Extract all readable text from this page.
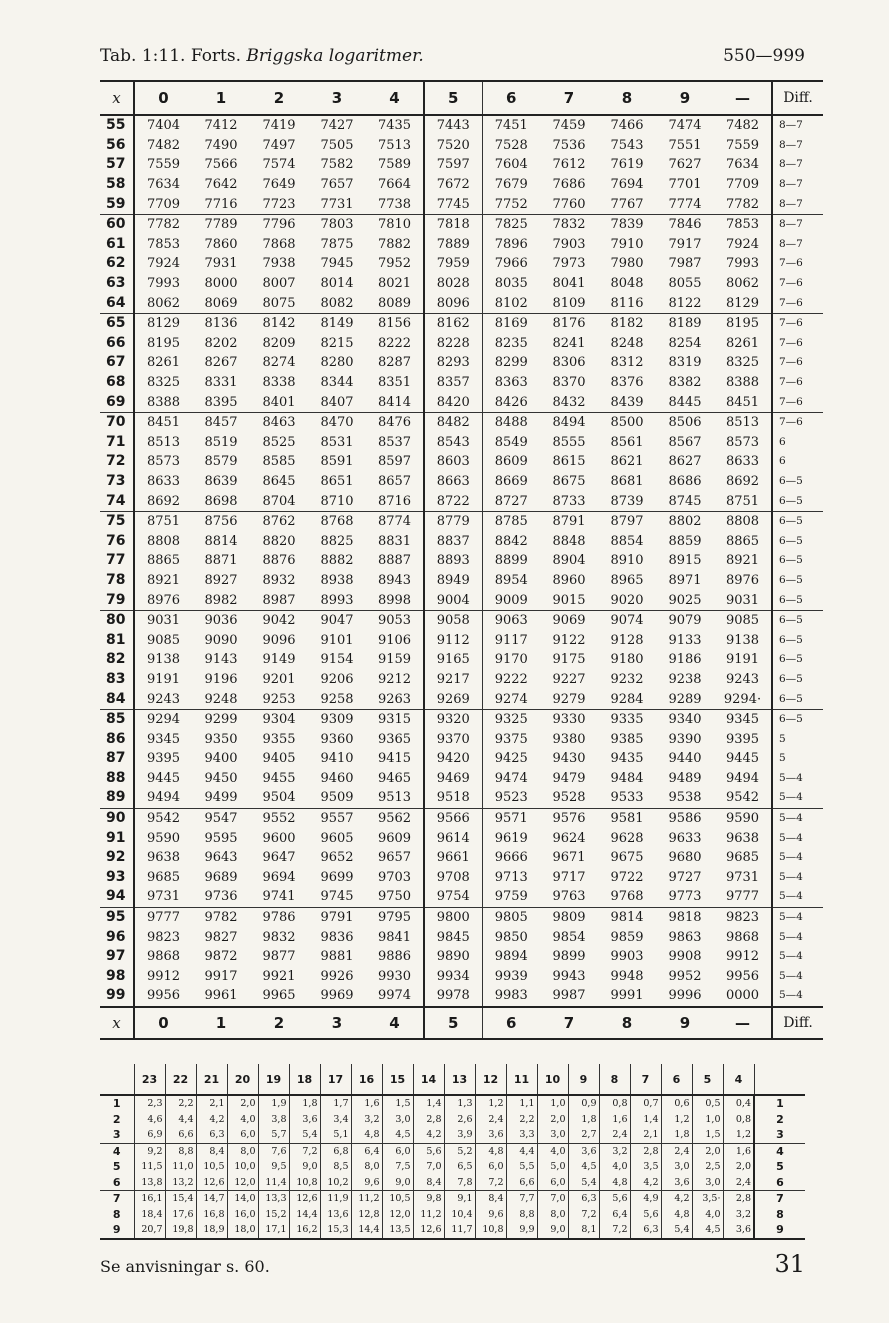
Tab. 1:11. Forts. Briggska logaritmer.	550—999
x	0	1	2	3	4	5	6	7	8	9	—	Diff.
55	7404	7412	7419	7427	7435	7443	7451	7459	7466	7474	7482	8—7
56	7482	7490	7497	7505	7513	7520	7528	7536	7543	7551	7559	8—7
57	7559	7566	7574	7582	7589	7597	7604	7612	7619	7627	7634	8—7
58	7634	7642	7649	7657	7664	7672	7679	7686	7694	7701	7709	8—7
59	7709	7716	7723	7731	7738	7745	7752	7760	7767	7774	7782	8—7
60	7782	7789	7796	7803	7810	7818	7825	7832	7839	7846	7853	8—7
61	7853	7860	7868	7875	7882	7889	7896	7903	7910	7917	7924	8—7
62	7924	7931	7938	7945	7952	7959	7966	7973	7980	7987	7993	7—6
63	7993	8000	8007	8014	8021	8028	8035	8041	8048	8055	8062	7—6
64	8062	8069	8075	8082	8089	8096	8102	8109	8116	8122	8129	7—6
65	8129	8136	8142	8149	8156	8162	8169	8176	8182	8189	8195	7—6
66	8195	8202	8209	8215	8222	8228	8235	8241	8248	8254	8261	7—6
67	8261	8267	8274	8280	8287	8293	8299	8306	8312	8319	8325	7—6
68	8325	8331	8338	8344	8351	8357	8363	8370	8376	8382	8388	7—6
69	8388	8395	8401	8407	8414	8420	8426	8432	8439	8445	8451	7—6
70	8451	8457	8463	8470	8476	8482	8488	8494	8500	8506	8513	7—6
71	8513	8519	8525	8531	8537	8543	8549	8555	8561	8567	8573	6
72	8573	8579	8585	8591	8597	8603	8609	8615	8621	8627	8633	6
73	8633	8639	8645	8651	8657	8663	8669	8675	8681	8686	8692	6—5
74	8692	8698	8704	8710	8716	8722	8727	8733	8739	8745	8751	6—5
75	8751	8756	8762	8768	8774	8779	8785	8791	8797	8802	8808	6—5
76	8808	8814	8820	8825	8831	8837	8842	8848	8854	8859	8865	6—5
77	8865	8871	8876	8882	8887	8893	8899	8904	8910	8915	8921	6—5
78	8921	8927	8932	8938	8943	8949	8954	8960	8965	8971	8976	6—5
79	8976	8982	8987	8993	8998	9004	9009	9015	9020	9025	9031	6—5
80	9031	9036	9042	9047	9053	9058	9063	9069	9074	9079	9085	6—5
81	9085	9090	9096	9101	9106	9112	9117	9122	9128	9133	9138	6—5
82	9138	9143	9149	9154	9159	9165	9170	9175	9180	9186	9191	6—5
83	9191	9196	9201	9206	9212	9217	9222	9227	9232	9238	9243	6—5
84	9243	9248	9253	9258	9263	9269	9274	9279	9284	9289	9294·	6—5
85	9294	9299	9304	9309	9315	9320	9325	9330	9335	9340	9345	6—5
86	9345	9350	9355	9360	9365	9370	9375	9380	9385	9390	9395	5
87	9395	9400	9405	9410	9415	9420	9425	9430	9435	9440	9445	5
88	9445	9450	9455	9460	9465	9469	9474	9479	9484	9489	9494	5—4
89	9494	9499	9504	9509	9513	9518	9523	9528	9533	9538	9542	5—4
90	9542	9547	9552	9557	9562	9566	9571	9576	9581	9586	9590	5—4
91	9590	9595	9600	9605	9609	9614	9619	9624	9628	9633	9638	5—4
92	9638	9643	9647	9652	9657	9661	9666	9671	9675	9680	9685	5—4
93	9685	9689	9694	9699	9703	9708	9713	9717	9722	9727	9731	5—4
94	9731	9736	9741	9745	9750	9754	9759	9763	9768	9773	9777	5—4
95	9777	9782	9786	9791	9795	9800	9805	9809	9814	9818	9823	5—4
96	9823	9827	9832	9836	9841	9845	9850	9854	9859	9863	9868	5—4
97	9868	9872	9877	9881	9886	9890	9894	9899	9903	9908	9912	5—4
98	9912	9917	9921	9926	9930	9934	9939	9943	9948	9952	9956	5—4
99	9956	9961	9965	9969	9974	9978	9983	9987	9991	9996	0000	5—4
x	0	1	2	3	4	5	6	7	8	9	—	Diff.
	23	22	21	20	19	18	17	16	15	14	13	12	11	10	9	8	7	6	5	4	
1	2,3	2,2	2,1	2,0	1,9	1,8	1,7	1,6	1,5	1,4	1,3	1,2	1,1	1,0	0,9	0,8	0,7	0,6	0,5	0,4	1
2	4,6	4,4	4,2	4,0	3,8	3,6	3,4	3,2	3,0	2,8	2,6	2,4	2,2	2,0	1,8	1,6	1,4	1,2	1,0	0,8	2
3	6,9	6,6	6,3	6,0	5,7	5,4	5,1	4,8	4,5	4,2	3,9	3,6	3,3	3,0	2,7	2,4	2,1	1,8	1,5	1,2	3
4	9,2	8,8	8,4	8,0	7,6	7,2	6,8	6,4	6,0	5,6	5,2	4,8	4,4	4,0	3,6	3,2	2,8	2,4	2,0	1,6	4
5	11,5	11,0	10,5	10,0	9,5	9,0	8,5	8,0	7,5	7,0	6,5	6,0	5,5	5,0	4,5	4,0	3,5	3,0	2,5	2,0	5
6	13,8	13,2	12,6	12,0	11,4	10,8	10,2	9,6	9,0	8,4	7,8	7,2	6,6	6,0	5,4	4,8	4,2	3,6	3,0	2,4	6
7	16,1	15,4	14,7	14,0	13,3	12,6	11,9	11,2	10,5	9,8	9,1	8,4	7,7	7,0	6,3	5,6	4,9	4,2	3,5·	2,8	7
8	18,4	17,6	16,8	16,0	15,2	14,4	13,6	12,8	12,0	11,2	10,4	9,6	8,8	8,0	7,2	6,4	5,6	4,8	4,0	3,2	8
9	20,7	19,8	18,9	18,0	17,1	16,2	15,3	14,4	13,5	12,6	11,7	10,8	9,9	9,0	8,1	7,2	6,3	5,4	4,5	3,6	9
Se anvisningar s. 60.	31
